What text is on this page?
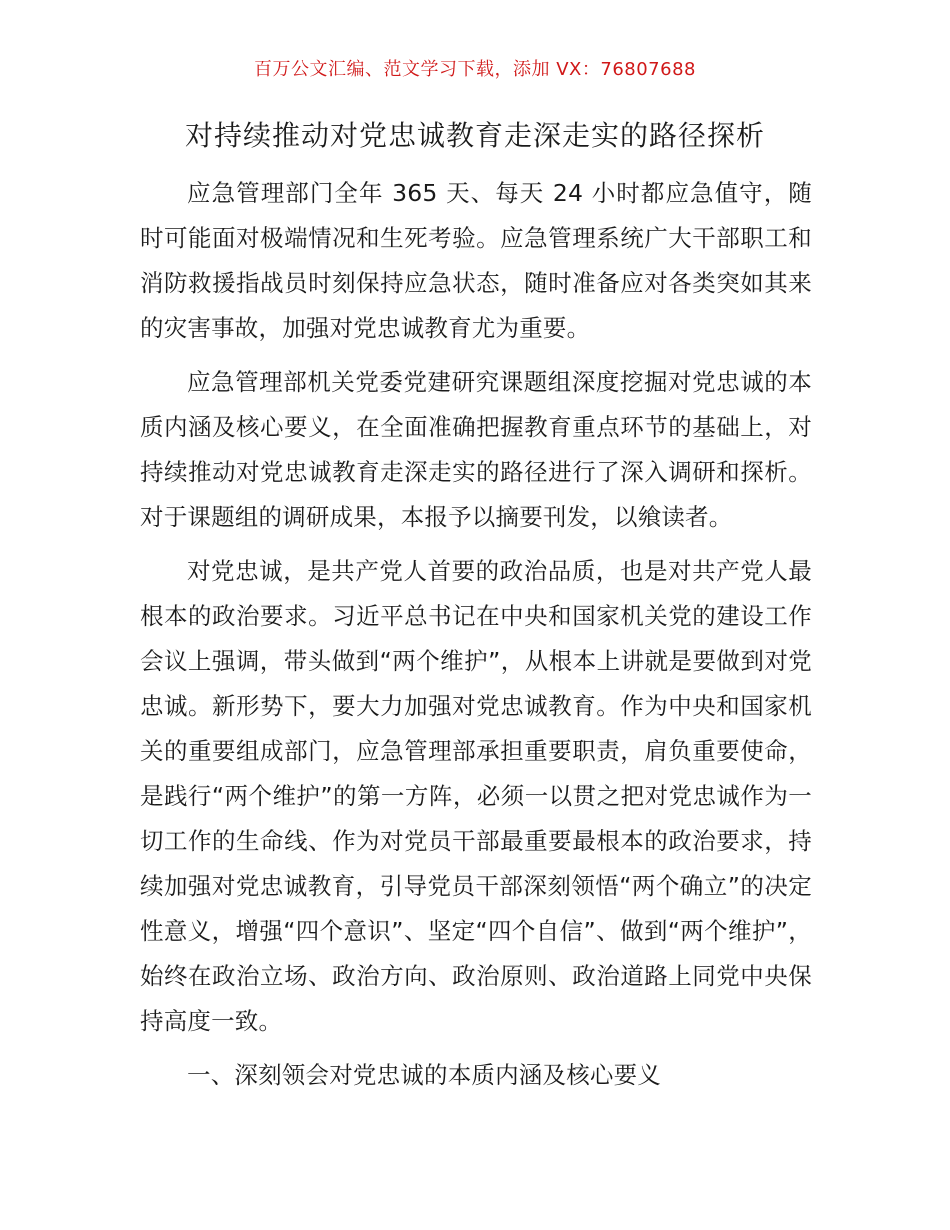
百万公文汇编、范文学习下载，添加 VX：76807688
对持续推动对党忠诚教育走深走实的路径探析

应急管理部门全年 365 天、每天 24 小时都应急值守，随时可能面对极端情况和生死考验。应急管理系统广大干部职工和消防救援指战员时刻保持应急状态，随时准备应对各类突如其来的灾害事故，加强对党忠诚教育尤为重要。

应急管理部机关党委党建研究课题组深度挖掘对党忠诚的本质内涵及核心要义，在全面准确把握教育重点环节的基础上，对持续推动对党忠诚教育走深走实的路径进行了深入调研和探析。对于课题组的调研成果，本报予以摘要刊发，以飨读者。

对党忠诚，是共产党人首要的政治品质，也是对共产党人最根本的政治要求。习近平总书记在中央和国家机关党的建设工作会议上强调，带头做到“两个维护”，从根本上讲就是要做到对党忠诚。新形势下，要大力加强对党忠诚教育。作为中央和国家机关的重要组成部门，应急管理部承担重要职责，肩负重要使命，是践行“两个维护”的第一方阵，必须一以贯之把对党忠诚作为一切工作的生命线、作为对党员干部最重要最根本的政治要求，持续加强对党忠诚教育，引导党员干部深刻领悟“两个确立”的决定性意义，增强“四个意识”、坚定“四个自信”、做到“两个维护”，始终在政治立场、政治方向、政治原则、政治道路上同党中央保持高度一致。

一、深刻领会对党忠诚的本质内涵及核心要义
